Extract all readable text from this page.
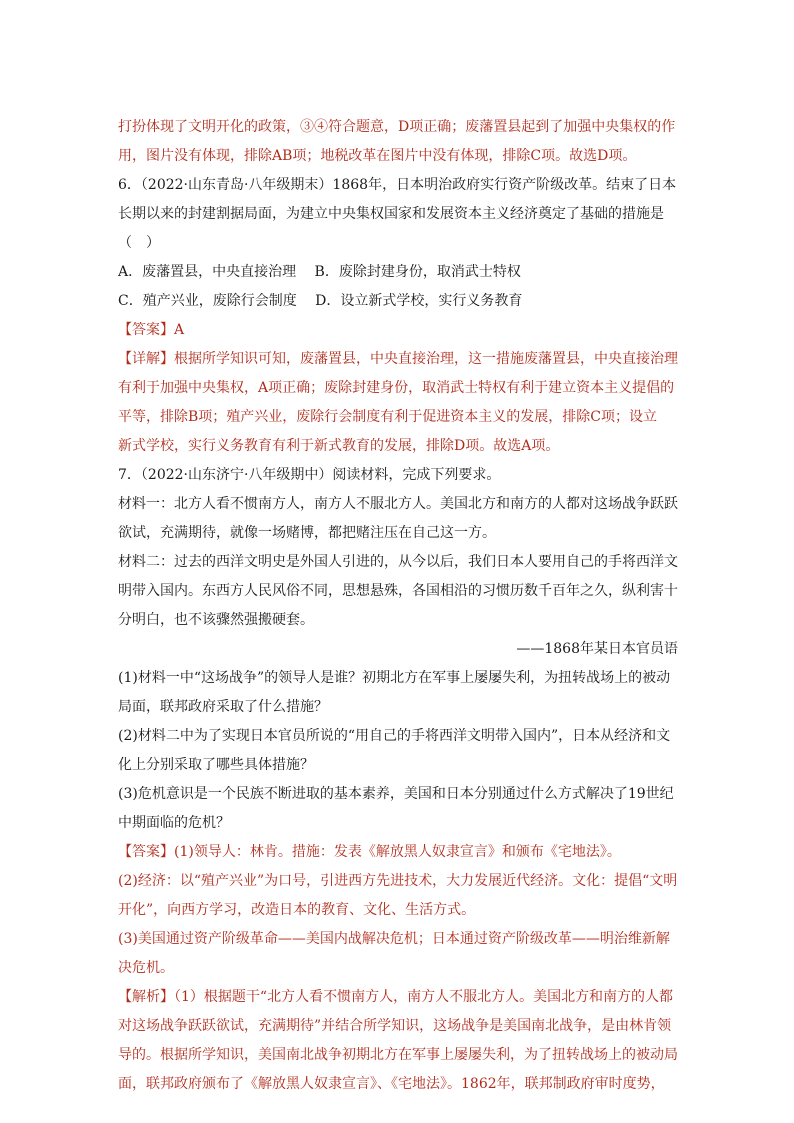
打扮体现了文明开化的政策，③④符合题意，D项正确；废藩置县起到了加强中央集权的作
用，图片没有体现，排除AB项；地税改革在图片中没有体现，排除C项。故选D项。
6．（2022·山东青岛·八年级期末）1868年，日本明治政府实行资产阶级改革。结束了日本
长期以来的封建割据局面，为建立中央集权国家和发展资本主义经济奠定了基础的措施是
（　）
A．废藩置县，中央直接治理　 B．废除封建身份，取消武士特权
C．殖产兴业，废除行会制度　 D．设立新式学校，实行义务教育
【答案】A
【详解】根据所学知识可知，废藩置县，中央直接治理，这一措施废藩置县，中央直接治理
有利于加强中央集权，A项正确；废除封建身份，取消武士特权有利于建立资本主义提倡的
平等，排除B项；殖产兴业，废除行会制度有利于促进资本主义的发展，排除C项；设立
新式学校，实行义务教育有利于新式教育的发展，排除D项。故选A项。
7．（2022·山东济宁·八年级期中）阅读材料，完成下列要求。
材料一：北方人看不惯南方人，南方人不服北方人。美国北方和南方的人都对这场战争跃跃
欲试，充满期待，就像一场赌博，都把赌注压在自己这一方。
材料二：过去的西洋文明史是外国人引进的，从今以后，我们日本人要用自己的手将西洋文
明带入国内。东西方人民风俗不同，思想悬殊，各国相沿的习惯历数千百年之久，纵利害十
分明白，也不该骤然强搬硬套。
——1868年某日本官员语
(1)材料一中“这场战争”的领导人是谁？初期北方在军事上屡屡失利，为扭转战场上的被动
局面，联邦政府采取了什么措施？
(2)材料二中为了实现日本官员所说的“用自己的手将西洋文明带入国内”，日本从经济和文
化上分别采取了哪些具体措施？
(3)危机意识是一个民族不断进取的基本素养，美国和日本分别通过什么方式解决了19世纪
中期面临的危机？
【答案】(1)领导人：林肯。措施：发表《解放黑人奴隶宣言》和颁布《宅地法》。
(2)经济：以“殖产兴业”为口号，引进西方先进技术，大力发展近代经济。文化：提倡“文明
开化”，向西方学习，改造日本的教育、文化、生活方式。
(3)美国通过资产阶级革命——美国内战解决危机；日本通过资产阶级改革——明治维新解
决危机。
【解析】（1）根据题干“北方人看不惯南方人，南方人不服北方人。美国北方和南方的人都
对这场战争跃跃欲试，充满期待”并结合所学知识，这场战争是美国南北战争，是由林肯领
导的。根据所学知识，美国南北战争初期北方在军事上屡屡失利，为了扭转战场上的被动局
面，联邦政府颁布了《解放黑人奴隶宣言》、《宅地法》。1862年，联邦制政府审时度势，
